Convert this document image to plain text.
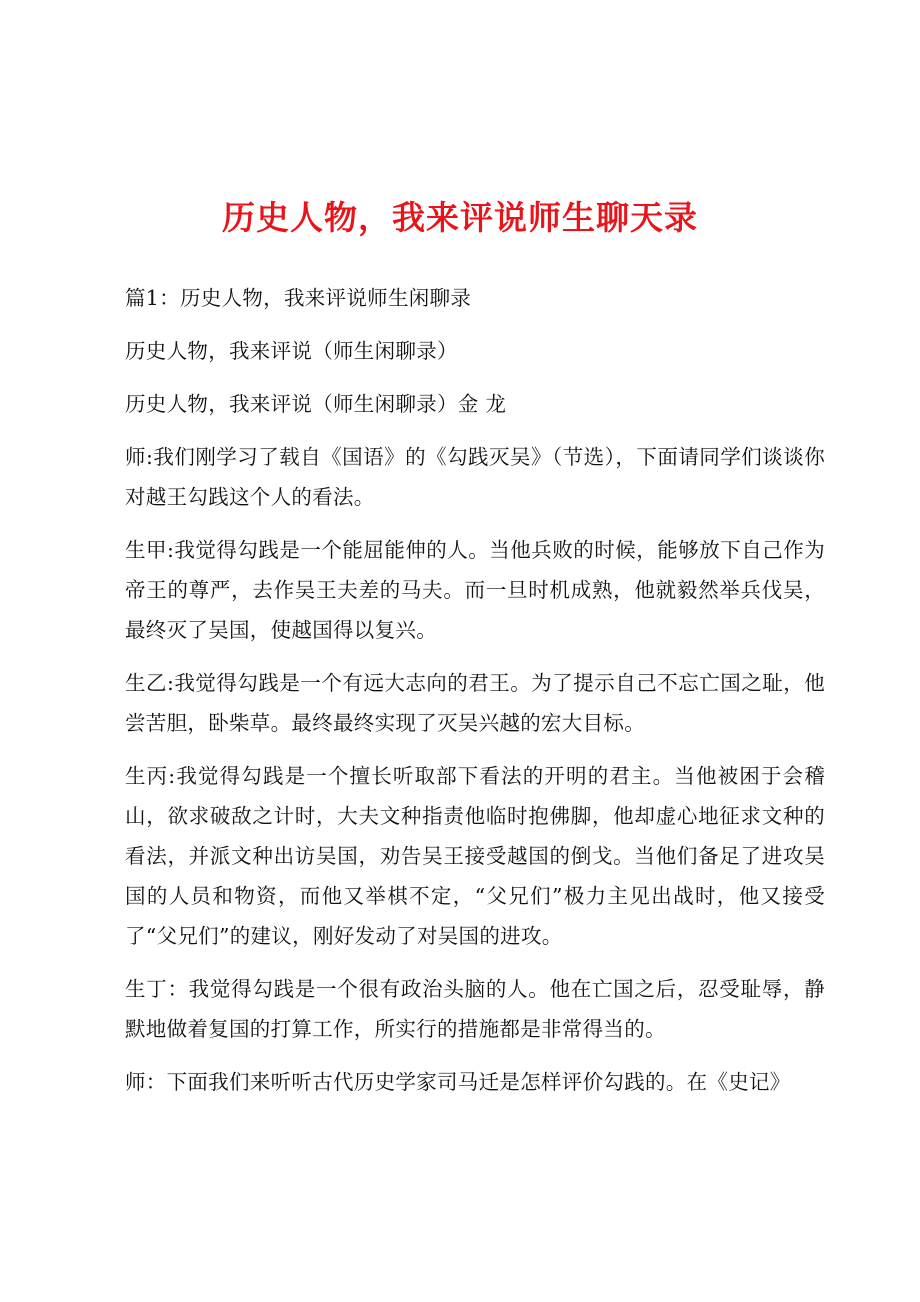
历史人物，我来评说师生聊天录

篇1：历史人物，我来评说师生闲聊录

历史人物，我来评说（师生闲聊录）

历史人物，我来评说（师生闲聊录）金 龙

师:我们刚学习了载自《国语》的《勾践灭吴》（节选），下面请同学们谈谈你对越王勾践这个人的看法。

生甲:我觉得勾践是一个能屈能伸的人。当他兵败的时候，能够放下自己作为帝王的尊严，去作吴王夫差的马夫。而一旦时机成熟，他就毅然举兵伐吴，最终灭了吴国，使越国得以复兴。

生乙:我觉得勾践是一个有远大志向的君王。为了提示自己不忘亡国之耻，他尝苦胆，卧柴草。最终最终实现了灭吴兴越的宏大目标。

生丙:我觉得勾践是一个擅长听取部下看法的开明的君主。当他被困于会稽山，欲求破敌之计时，大夫文种指责他临时抱佛脚，他却虚心地征求文种的看法，并派文种出访吴国，劝告吴王接受越国的倒戈。当他们备足了进攻吴国的人员和物资，而他又举棋不定，“父兄们”极力主见出战时，他又接受了“父兄们”的建议，刚好发动了对吴国的进攻。

生丁：我觉得勾践是一个很有政治头脑的人。他在亡国之后，忍受耻辱，静默地做着复国的打算工作，所实行的措施都是非常得当的。

师：下面我们来听听古代历史学家司马迁是怎样评价勾践的。在《史记》
